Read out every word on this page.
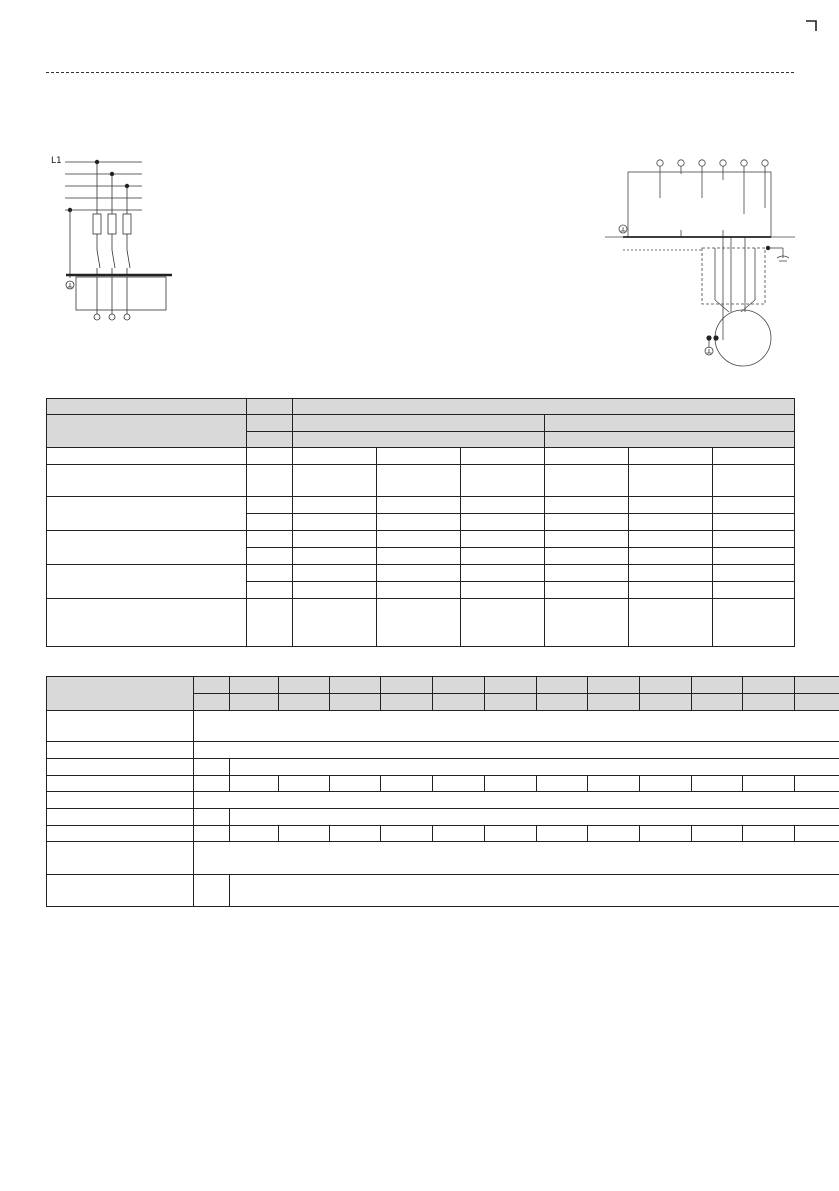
L1
